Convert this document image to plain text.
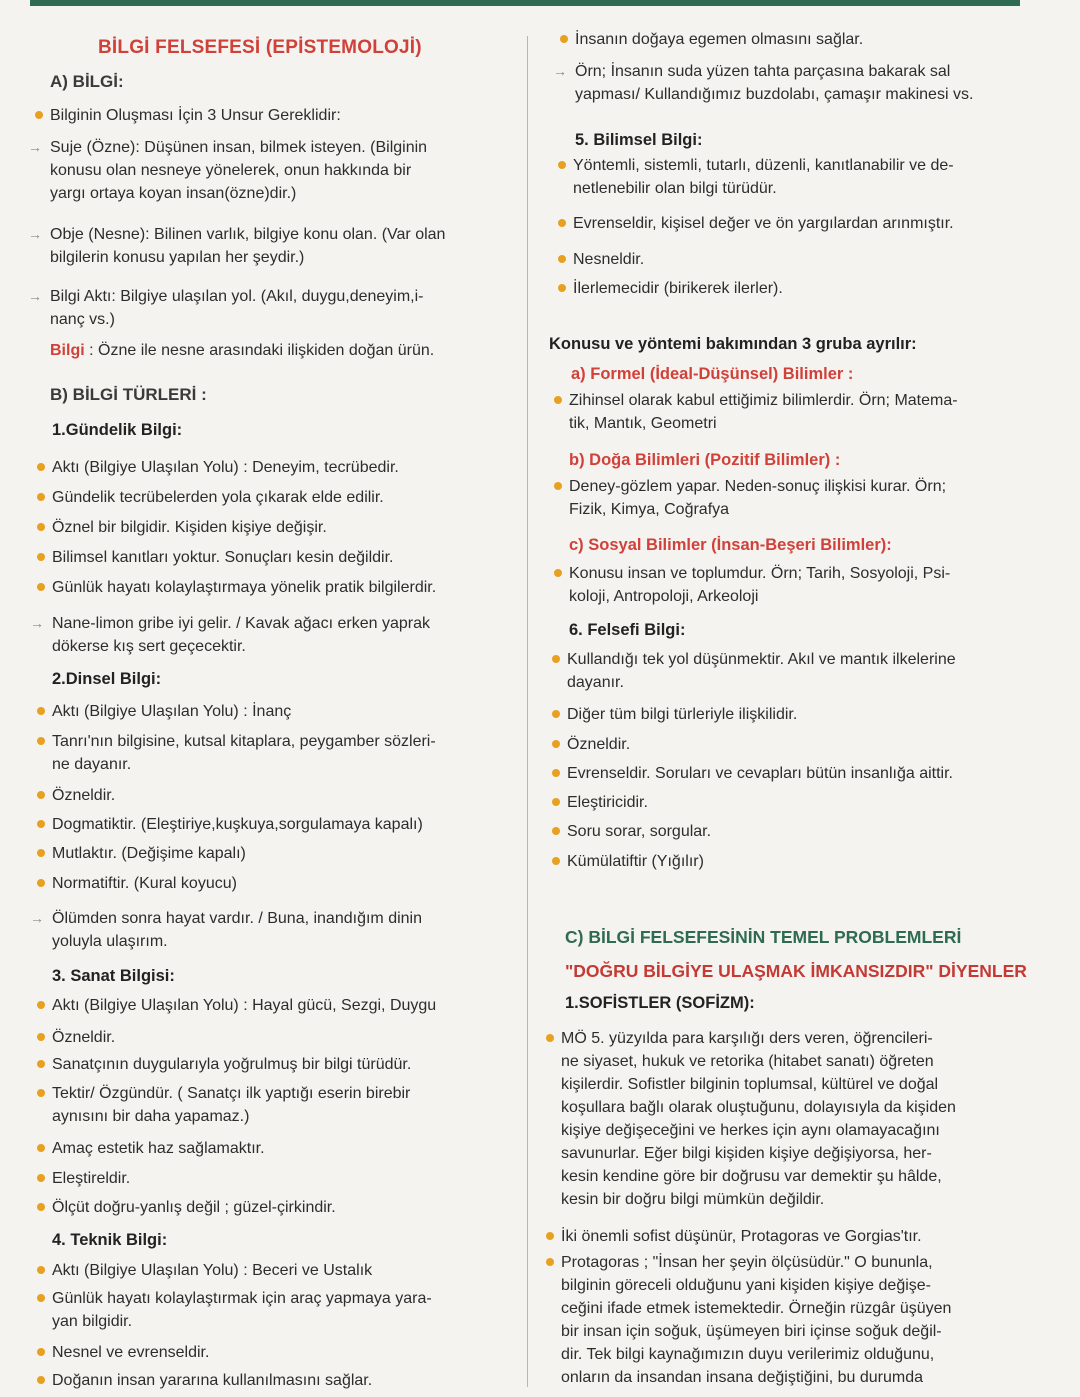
BİLGİ FELSEFESİ (EPİSTEMOLOJİ)
A) BİLGİ:
Bilginin Oluşması İçin 3 Unsur Gereklidir:
→ Suje (Özne): Düşünen insan, bilmek isteyen. (Bilginin
konusu olan nesneye yönelerek, onun hakkında bir
yargı ortaya koyan insan(özne)dir.)
→ Obje (Nesne): Bilinen varlık, bilgiye konu olan. (Var olan
bilgilerin konusu yapılan her şeydir.)
→ Bilgi Aktı: Bilgiye ulaşılan yol. (Akıl, duygu,deneyim,i-
nanç vs.)
Bilgi : Özne ile nesne arasındaki ilişkiden doğan ürün.
B) BİLGİ TÜRLERİ :
1.Gündelik Bilgi:
Aktı (Bilgiye Ulaşılan Yolu) : Deneyim, tecrübedir.
Gündelik tecrübelerden yola çıkarak elde edilir.
Öznel bir bilgidir. Kişiden kişiye değişir.
Bilimsel kanıtları yoktur. Sonuçları kesin değildir.
Günlük hayatı kolaylaştırmaya yönelik pratik bilgilerdir.
→ Nane-limon gribe iyi gelir. / Kavak ağacı erken yaprak
dökerse kış sert geçecektir.
2.Dinsel Bilgi:
Aktı (Bilgiye Ulaşılan Yolu) : İnanç
Tanrı'nın bilgisine, kutsal kitaplara, peygamber sözleri-
ne dayanır.
Özneldir.
Dogmatiktir. (Eleştiriye,kuşkuya,sorgulamaya kapalı)
Mutlaktır. (Değişime kapalı)
Normatiftir. (Kural koyucu)
→ Ölümden sonra hayat vardır. / Buna, inandığım dinin
yoluyla ulaşırım.
3. Sanat Bilgisi:
Aktı (Bilgiye Ulaşılan Yolu) : Hayal gücü, Sezgi, Duygu
Özneldir.
Sanatçının duygularıyla yoğrulmuş bir bilgi türüdür.
Tektir/ Özgündür. ( Sanatçı ilk yaptığı eserin birebir
aynısını bir daha yapamaz.)
Amaç estetik haz sağlamaktır.
Eleştireldir.
Ölçüt doğru-yanlış değil ; güzel-çirkindir.
4. Teknik Bilgi:
Aktı (Bilgiye Ulaşılan Yolu) : Beceri ve Ustalık
Günlük hayatı kolaylaştırmak için araç yapmaya yara-
yan bilgidir.
Nesnel ve evrenseldir.
Doğanın insan yararına kullanılmasını sağlar.
İnsanın doğaya egemen olmasını sağlar.
→ Örn; İnsanın suda yüzen tahta parçasına bakarak sal
yapması/ Kullandığımız buzdolabı, çamaşır makinesi vs.
5. Bilimsel Bilgi:
Yöntemli, sistemli, tutarlı, düzenli, kanıtlanabilir ve de-
netlenebilir olan bilgi türüdür.
Evrenseldir, kişisel değer ve ön yargılardan arınmıştır.
Nesneldir.
İlerlemecidir (birikerek ilerler).
Konusu ve yöntemi bakımından 3 gruba ayrılır:
a) Formel (İdeal-Düşünsel) Bilimler :
Zihinsel olarak kabul ettiğimiz bilimlerdir. Örn; Matema-
tik, Mantık, Geometri
b) Doğa Bilimleri (Pozitif Bilimler) :
Deney-gözlem yapar. Neden-sonuç ilişkisi kurar. Örn;
Fizik, Kimya, Coğrafya
c) Sosyal Bilimler (İnsan-Beşeri Bilimler):
Konusu insan ve toplumdur. Örn; Tarih, Sosyoloji, Psi-
koloji, Antropoloji, Arkeoloji
6. Felsefi Bilgi:
Kullandığı tek yol düşünmektir. Akıl ve mantık ilkelerine
dayanır.
Diğer tüm bilgi türleriyle ilişkilidir.
Özneldir.
Evrenseldir. Soruları ve cevapları bütün insanlığa aittir.
Eleştiricidir.
Soru sorar, sorgular.
Kümülatiftir (Yığılır)
C) BİLGİ FELSEFESİNİN TEMEL PROBLEMLERİ
"DOĞRU BİLGİYE ULAŞMAK İMKANSIZDIR" DİYENLER
1.SOFİSTLER (SOFİZM):
MÖ 5. yüzyılda para karşılığı ders veren, öğrencileri-
ne siyaset, hukuk ve retorika (hitabet sanatı) öğreten
kişilerdir. Sofistler bilginin toplumsal, kültürel ve doğal
koşullara bağlı olarak oluştuğunu, dolayısıyla da kişiden
kişiye değişeceğini ve herkes için aynı olamayacağını
savunurlar. Eğer bilgi kişiden kişiye değişiyorsa, her-
kesin kendine göre bir doğrusu var demektir şu hâlde,
kesin bir doğru bilgi mümkün değildir.
İki önemli sofist düşünür, Protagoras ve Gorgias'tır.
Protagoras ; "İnsan her şeyin ölçüsüdür." O bununla,
bilginin göreceli olduğunu yani kişiden kişiye değişe-
ceğini ifade etmek istemektedir. Örneğin rüzgâr üşüyen
bir insan için soğuk, üşümeyen biri içinse soğuk değil-
dir. Tek bilgi kaynağımızın duyu verilerimiz olduğunu,
onların da insandan insana değiştiğini, bu durumda
